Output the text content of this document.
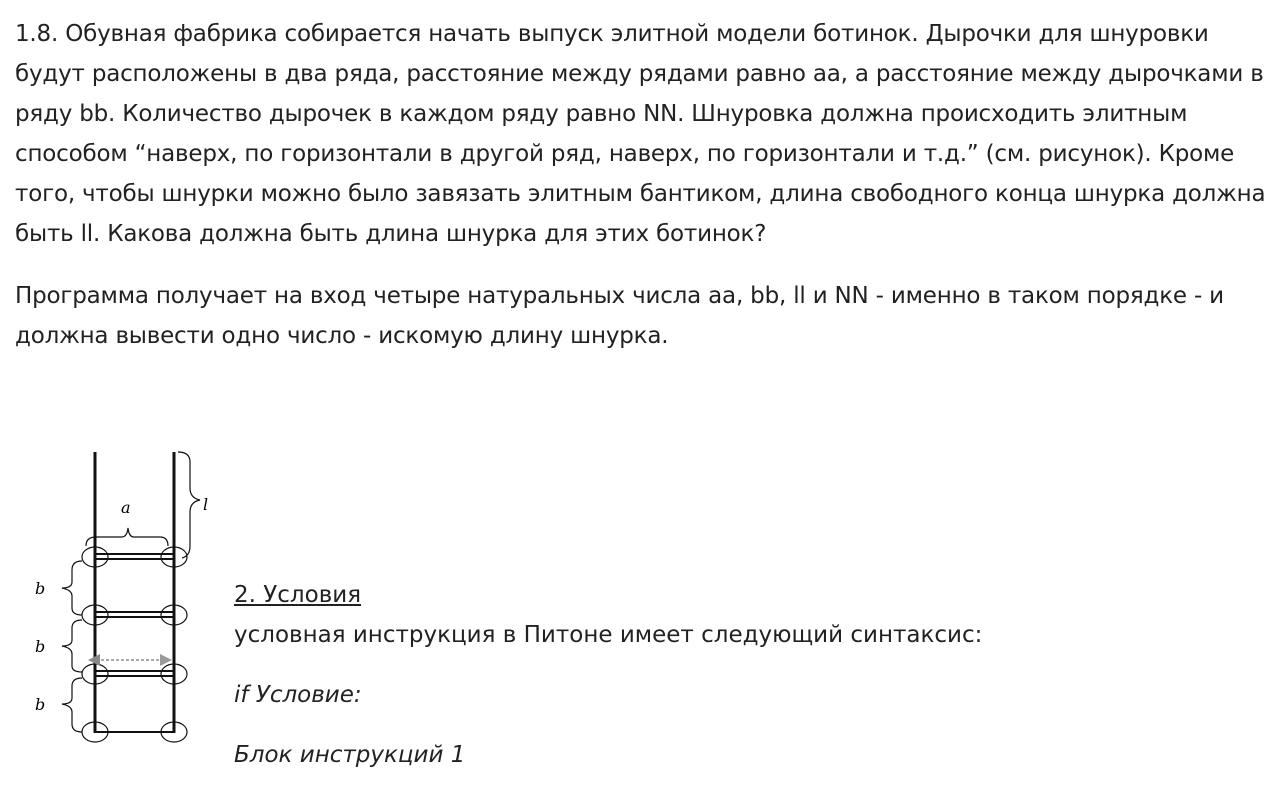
1.8. Обувная фабрика собирается начать выпуск элитной модели ботинок. Дырочки для шнуровки
будут расположены в два ряда, расстояние между рядами равно aa, а расстояние между дырочками в
ряду bb. Количество дырочек в каждом ряду равно NN. Шнуровка должна происходить элитным
способом “наверх, по горизонтали в другой ряд, наверх, по горизонтали и т.д.” (см. рисунок). Кроме
того, чтобы шнурки можно было завязать элитным бантиком, длина свободного конца шнурка должна
быть ll. Какова должна быть длина шнурка для этих ботинок?
Программа получает на вход четыре натуральных числа aa, bb, ll и NN - именно в таком порядке - и
должна вывести одно число - искомую длину шнурка.
a	l
b
b
b
2. Условия
условная инструкция в Питоне имеет следующий синтаксис:
if Условие:
Блок инструкций 1
